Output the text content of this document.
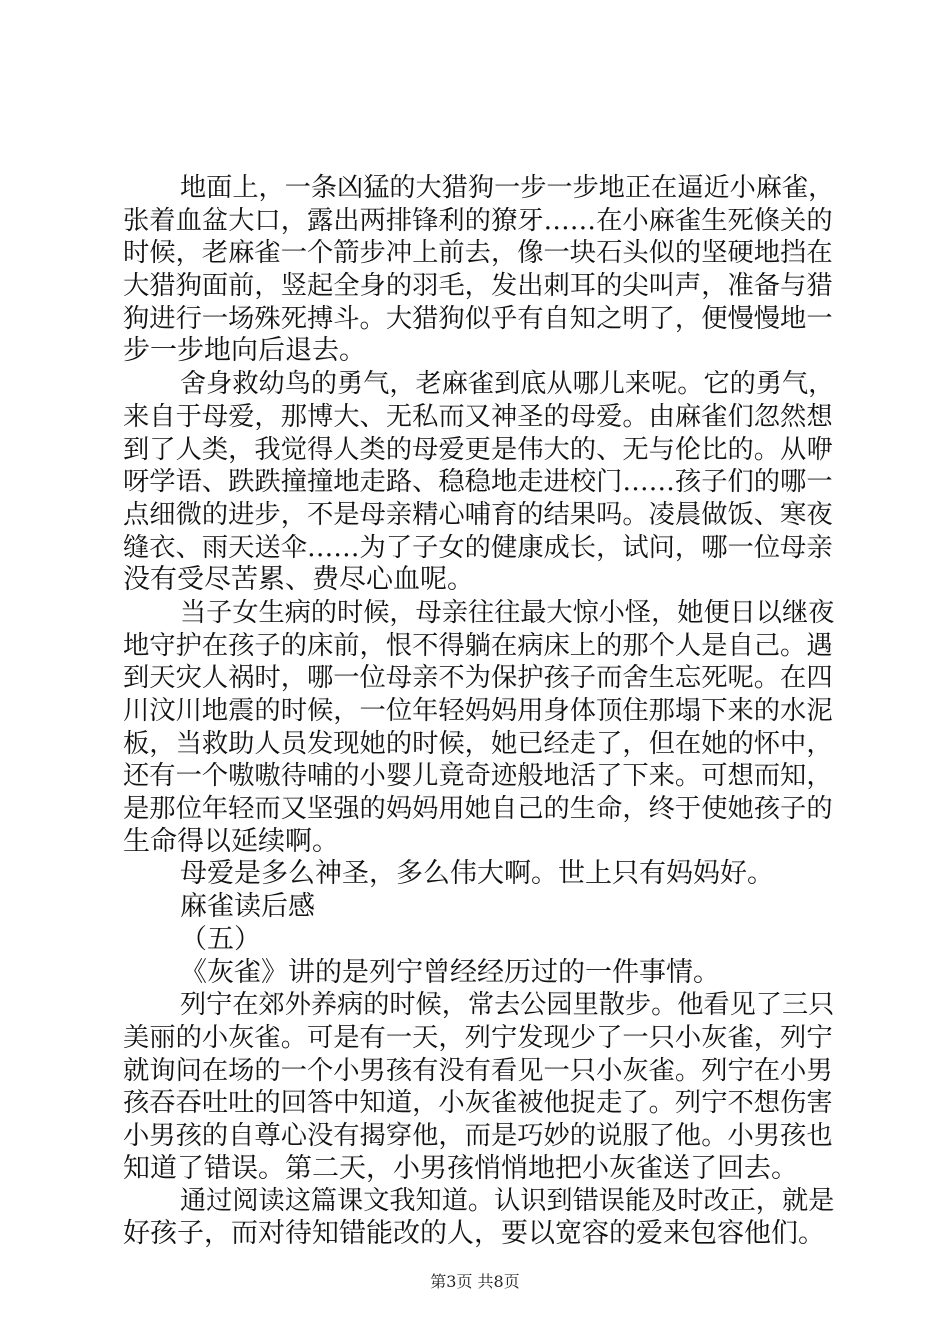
地面上，一条凶猛的大猎狗一步一步地正在逼近小麻雀，
张着血盆大口，露出两排锋利的獠牙……在小麻雀生死倏关的
时候，老麻雀一个箭步冲上前去，像一块石头似的坚硬地挡在
大猎狗面前，竖起全身的羽毛，发出刺耳的尖叫声，准备与猎
狗进行一场殊死搏斗。大猎狗似乎有自知之明了，便慢慢地一
步一步地向后退去。
舍身救幼鸟的勇气，老麻雀到底从哪儿来呢。它的勇气，
来自于母爱，那博大、无私而又神圣的母爱。由麻雀们忽然想
到了人类，我觉得人类的母爱更是伟大的、无与伦比的。从咿
呀学语、跌跌撞撞地走路、稳稳地走进校门……孩子们的哪一
点细微的进步，不是母亲精心哺育的结果吗。凌晨做饭、寒夜
缝衣、雨天送伞……为了子女的健康成长，试问，哪一位母亲
没有受尽苦累、费尽心血呢。
当子女生病的时候，母亲往往最大惊小怪，她便日以继夜
地守护在孩子的床前，恨不得躺在病床上的那个人是自己。遇
到天灾人祸时，哪一位母亲不为保护孩子而舍生忘死呢。在四
川汶川地震的时候，一位年轻妈妈用身体顶住那塌下来的水泥
板，当救助人员发现她的时候，她已经走了，但在她的怀中，
还有一个嗷嗷待哺的小婴儿竟奇迹般地活了下来。可想而知，
是那位年轻而又坚强的妈妈用她自己的生命，终于使她孩子的
生命得以延续啊。
母爱是多么神圣，多么伟大啊。世上只有妈妈好。
麻雀读后感
（五）
《灰雀》讲的是列宁曾经经历过的一件事情。
列宁在郊外养病的时候，常去公园里散步。他看见了三只
美丽的小灰雀。可是有一天，列宁发现少了一只小灰雀，列宁
就询问在场的一个小男孩有没有看见一只小灰雀。列宁在小男
孩吞吞吐吐的回答中知道，小灰雀被他捉走了。列宁不想伤害
小男孩的自尊心没有揭穿他，而是巧妙的说服了他。小男孩也
知道了错误。第二天，小男孩悄悄地把小灰雀送了回去。
通过阅读这篇课文我知道。认识到错误能及时改正，就是
好孩子，而对待知错能改的人，要以宽容的爱来包容他们。
第3页 共8页
